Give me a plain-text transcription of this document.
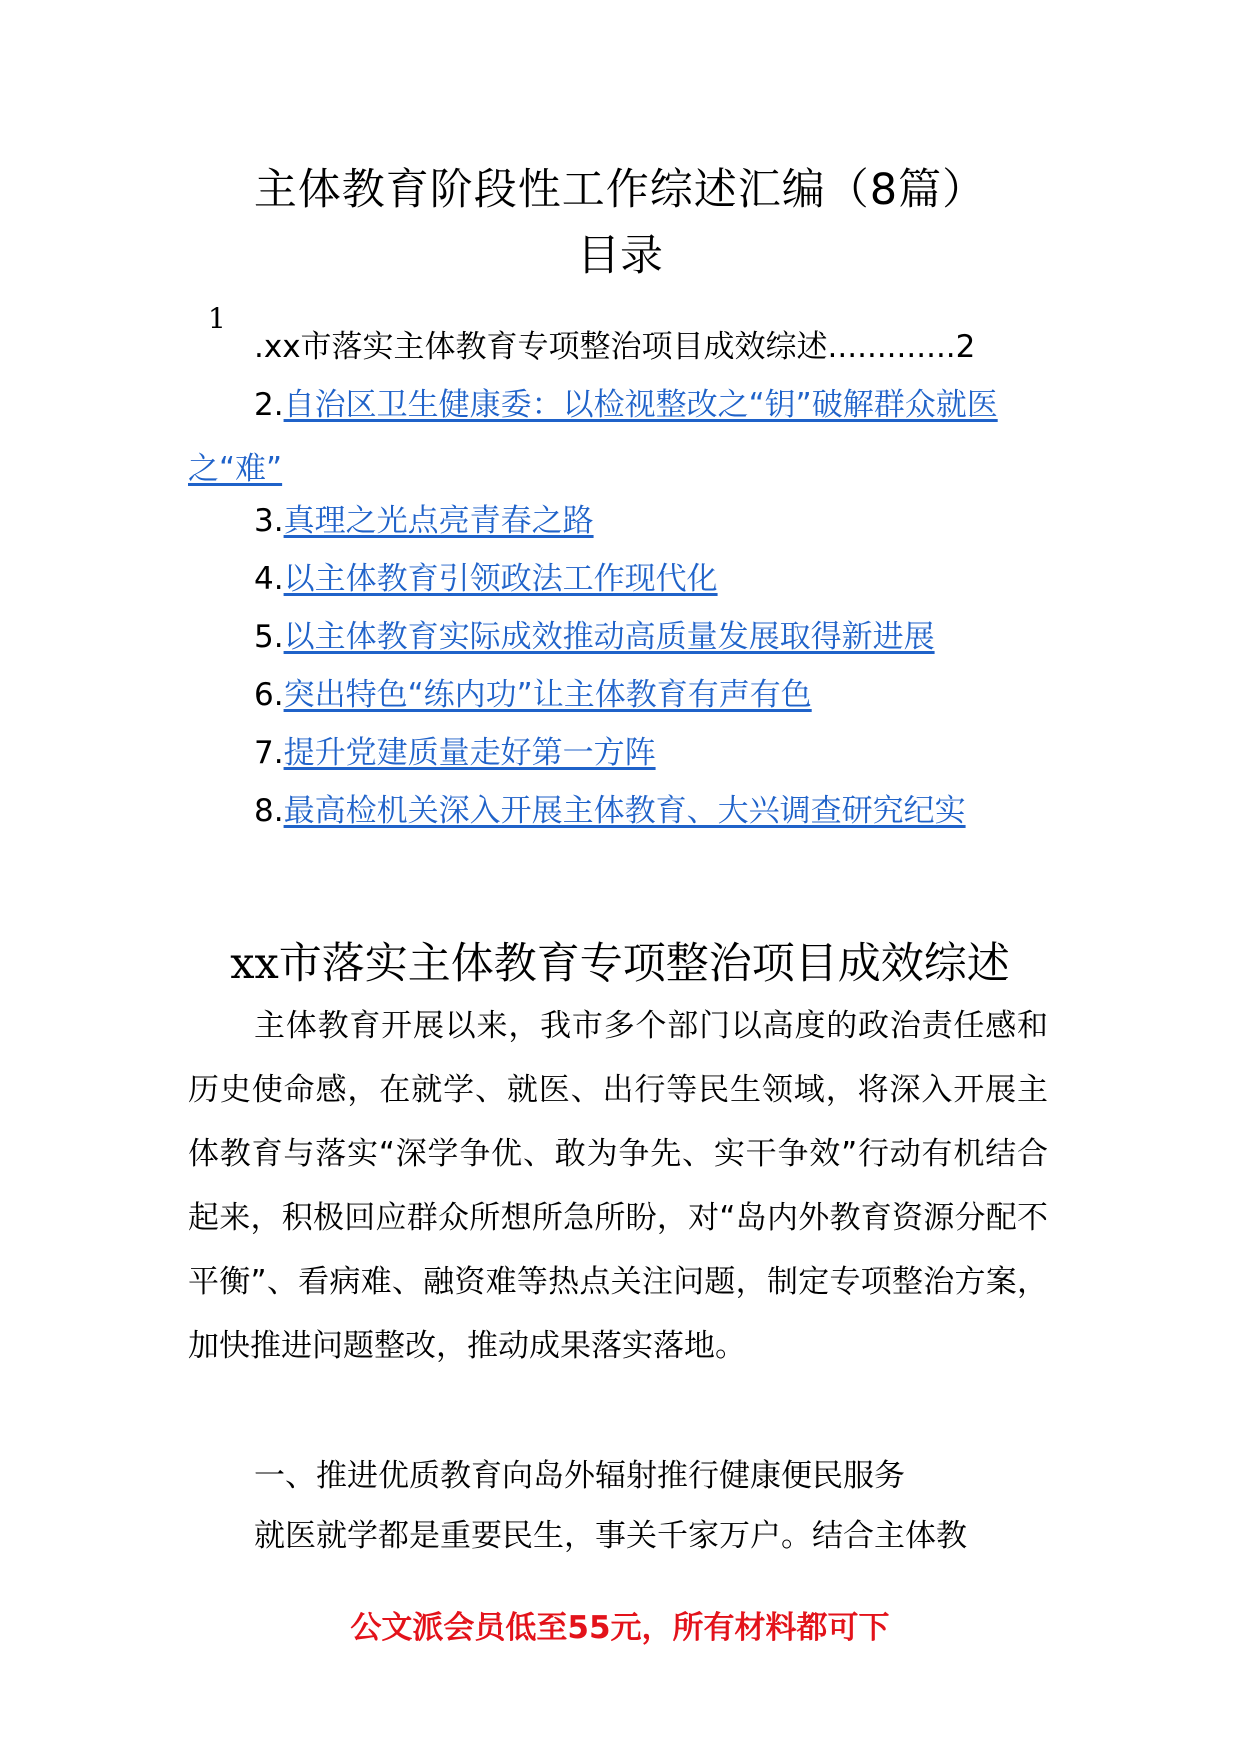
主体教育阶段性工作综述汇编（8篇）
目录
1
.xx市落实主体教育专项整治项目成效综述.............2
2.自治区卫生健康委：以检视整改之“钥”破解群众就医之“难”
3.真理之光点亮青春之路
4.以主体教育引领政法工作现代化
5.以主体教育实际成效推动高质量发展取得新进展
6.突出特色“练内功”让主体教育有声有色
7.提升党建质量走好第一方阵
8.最高检机关深入开展主体教育、大兴调查研究纪实
xx市落实主体教育专项整治项目成效综述

主体教育开展以来，我市多个部门以高度的政治责任感和历史使命感，在就学、就医、出行等民生领域，将深入开展主体教育与落实“深学争优、敢为争先、实干争效”行动有机结合起来，积极回应群众所想所急所盼，对“岛内外教育资源分配不平衡”、看病难、融资难等热点关注问题，制定专项整治方案，加快推进问题整改，推动成果落实落地。

一、推进优质教育向岛外辐射推行健康便民服务

就医就学都是重要民生，事关千家万户。结合主体教

公文派会员低至55元，所有材料都可下
